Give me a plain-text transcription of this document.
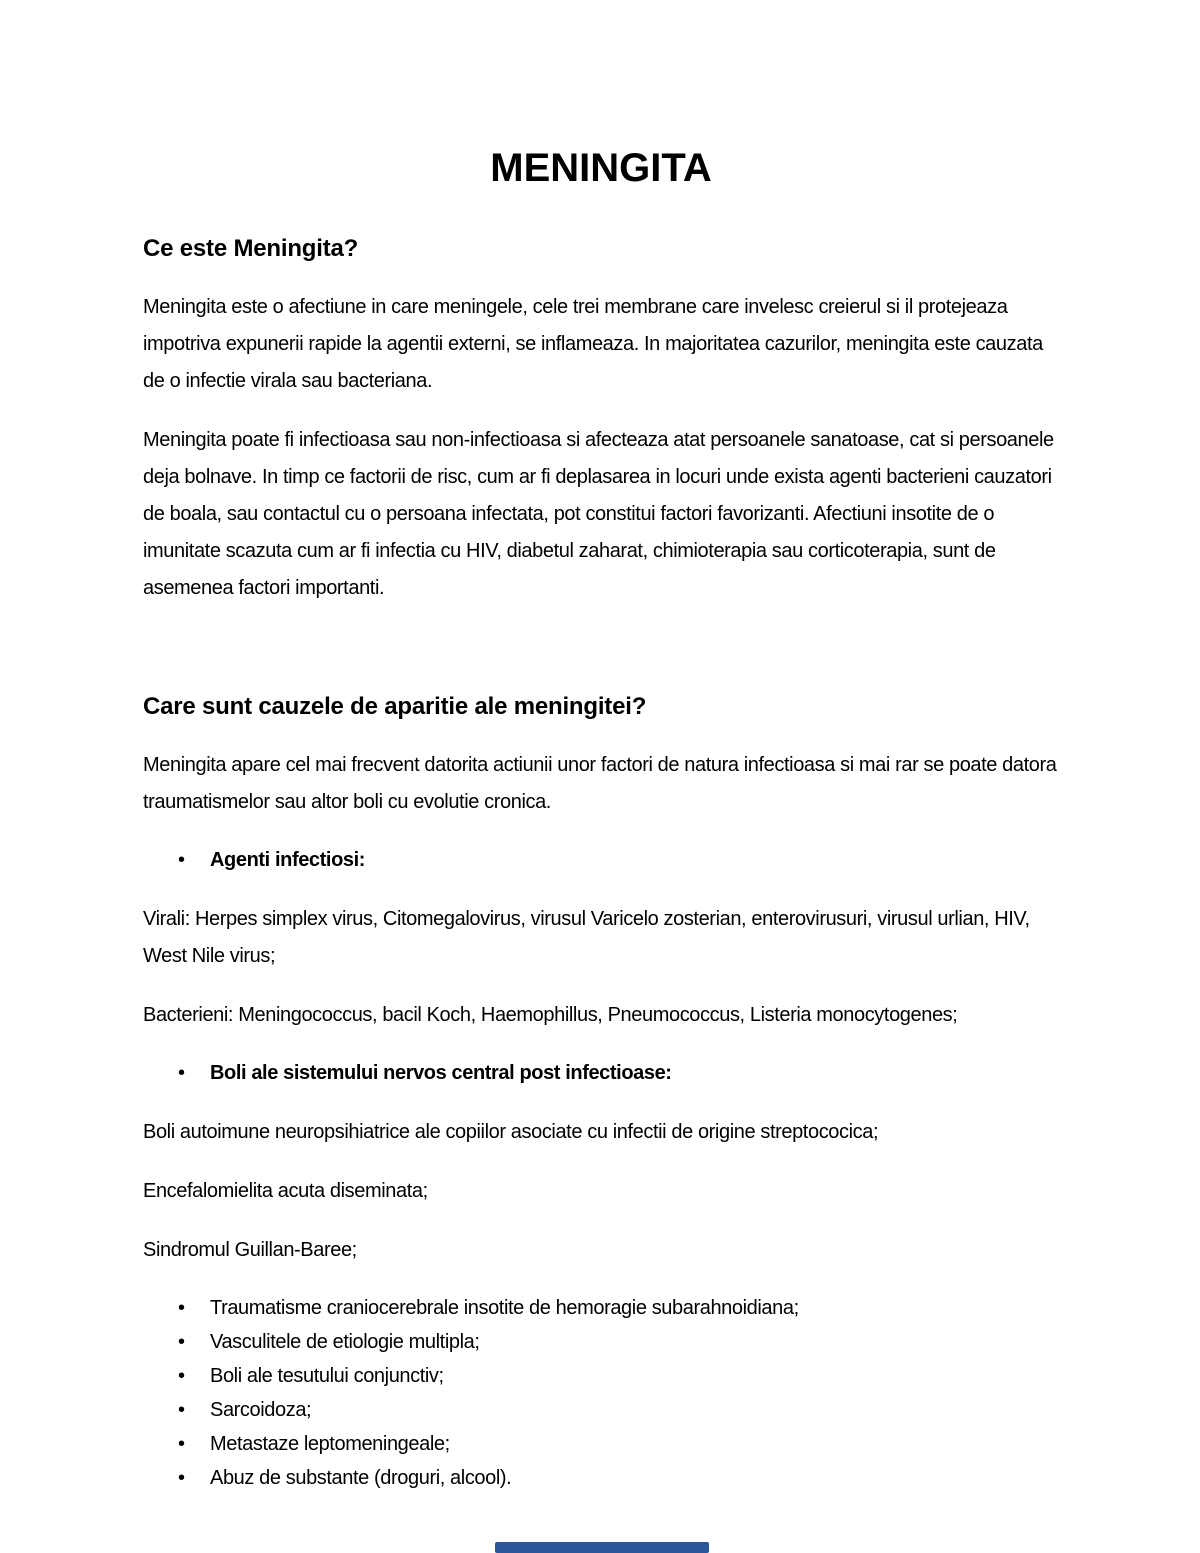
MENINGITA
Ce este Meningita?

Meningita este o afectiune in care meningele, cele trei membrane care invelesc creierul si il protejeaza impotriva expunerii rapide la agentii externi, se inflameaza. In majoritatea cazurilor, meningita este cauzata de o infectie virala sau bacteriana.

Meningita poate fi infectioasa sau non-infectioasa si afecteaza atat persoanele sanatoase, cat si persoanele deja bolnave. In timp ce factorii de risc, cum ar fi deplasarea in locuri unde exista agenti bacterieni cauzatori de boala, sau contactul cu o persoana infectata, pot constitui factori favorizanti. Afectiuni insotite de o imunitate scazuta cum ar fi infectia cu HIV, diabetul zaharat, chimioterapia sau corticoterapia, sunt de asemenea factori importanti.

Care sunt cauzele de aparitie ale meningitei?

Meningita apare cel mai frecvent datorita actiunii unor factori de natura infectioasa si mai rar se poate datora traumatismelor sau altor boli cu evolutie cronica.

•	Agenti infectiosi:

Virali: Herpes simplex virus, Citomegalovirus, virusul Varicelo zosterian, enterovirusuri, virusul urlian, HIV, West Nile virus;

Bacterieni: Meningococcus, bacil Koch, Haemophillus, Pneumococcus, Listeria monocytogenes;

•	Boli ale sistemului nervos central post infectioase:

Boli autoimune neuropsihiatrice ale copiilor asociate cu infectii de origine streptococica;

Encefalomielita acuta diseminata;

Sindromul Guillan-Baree;

•	Traumatisme craniocerebrale insotite de hemoragie subarahnoidiana;
•	Vasculitele de etiologie multipla;
•	Boli ale tesutului conjunctiv;
•	Sarcoidoza;
•	Metastaze leptomeningeale;
•	Abuz de substante (droguri, alcool).
